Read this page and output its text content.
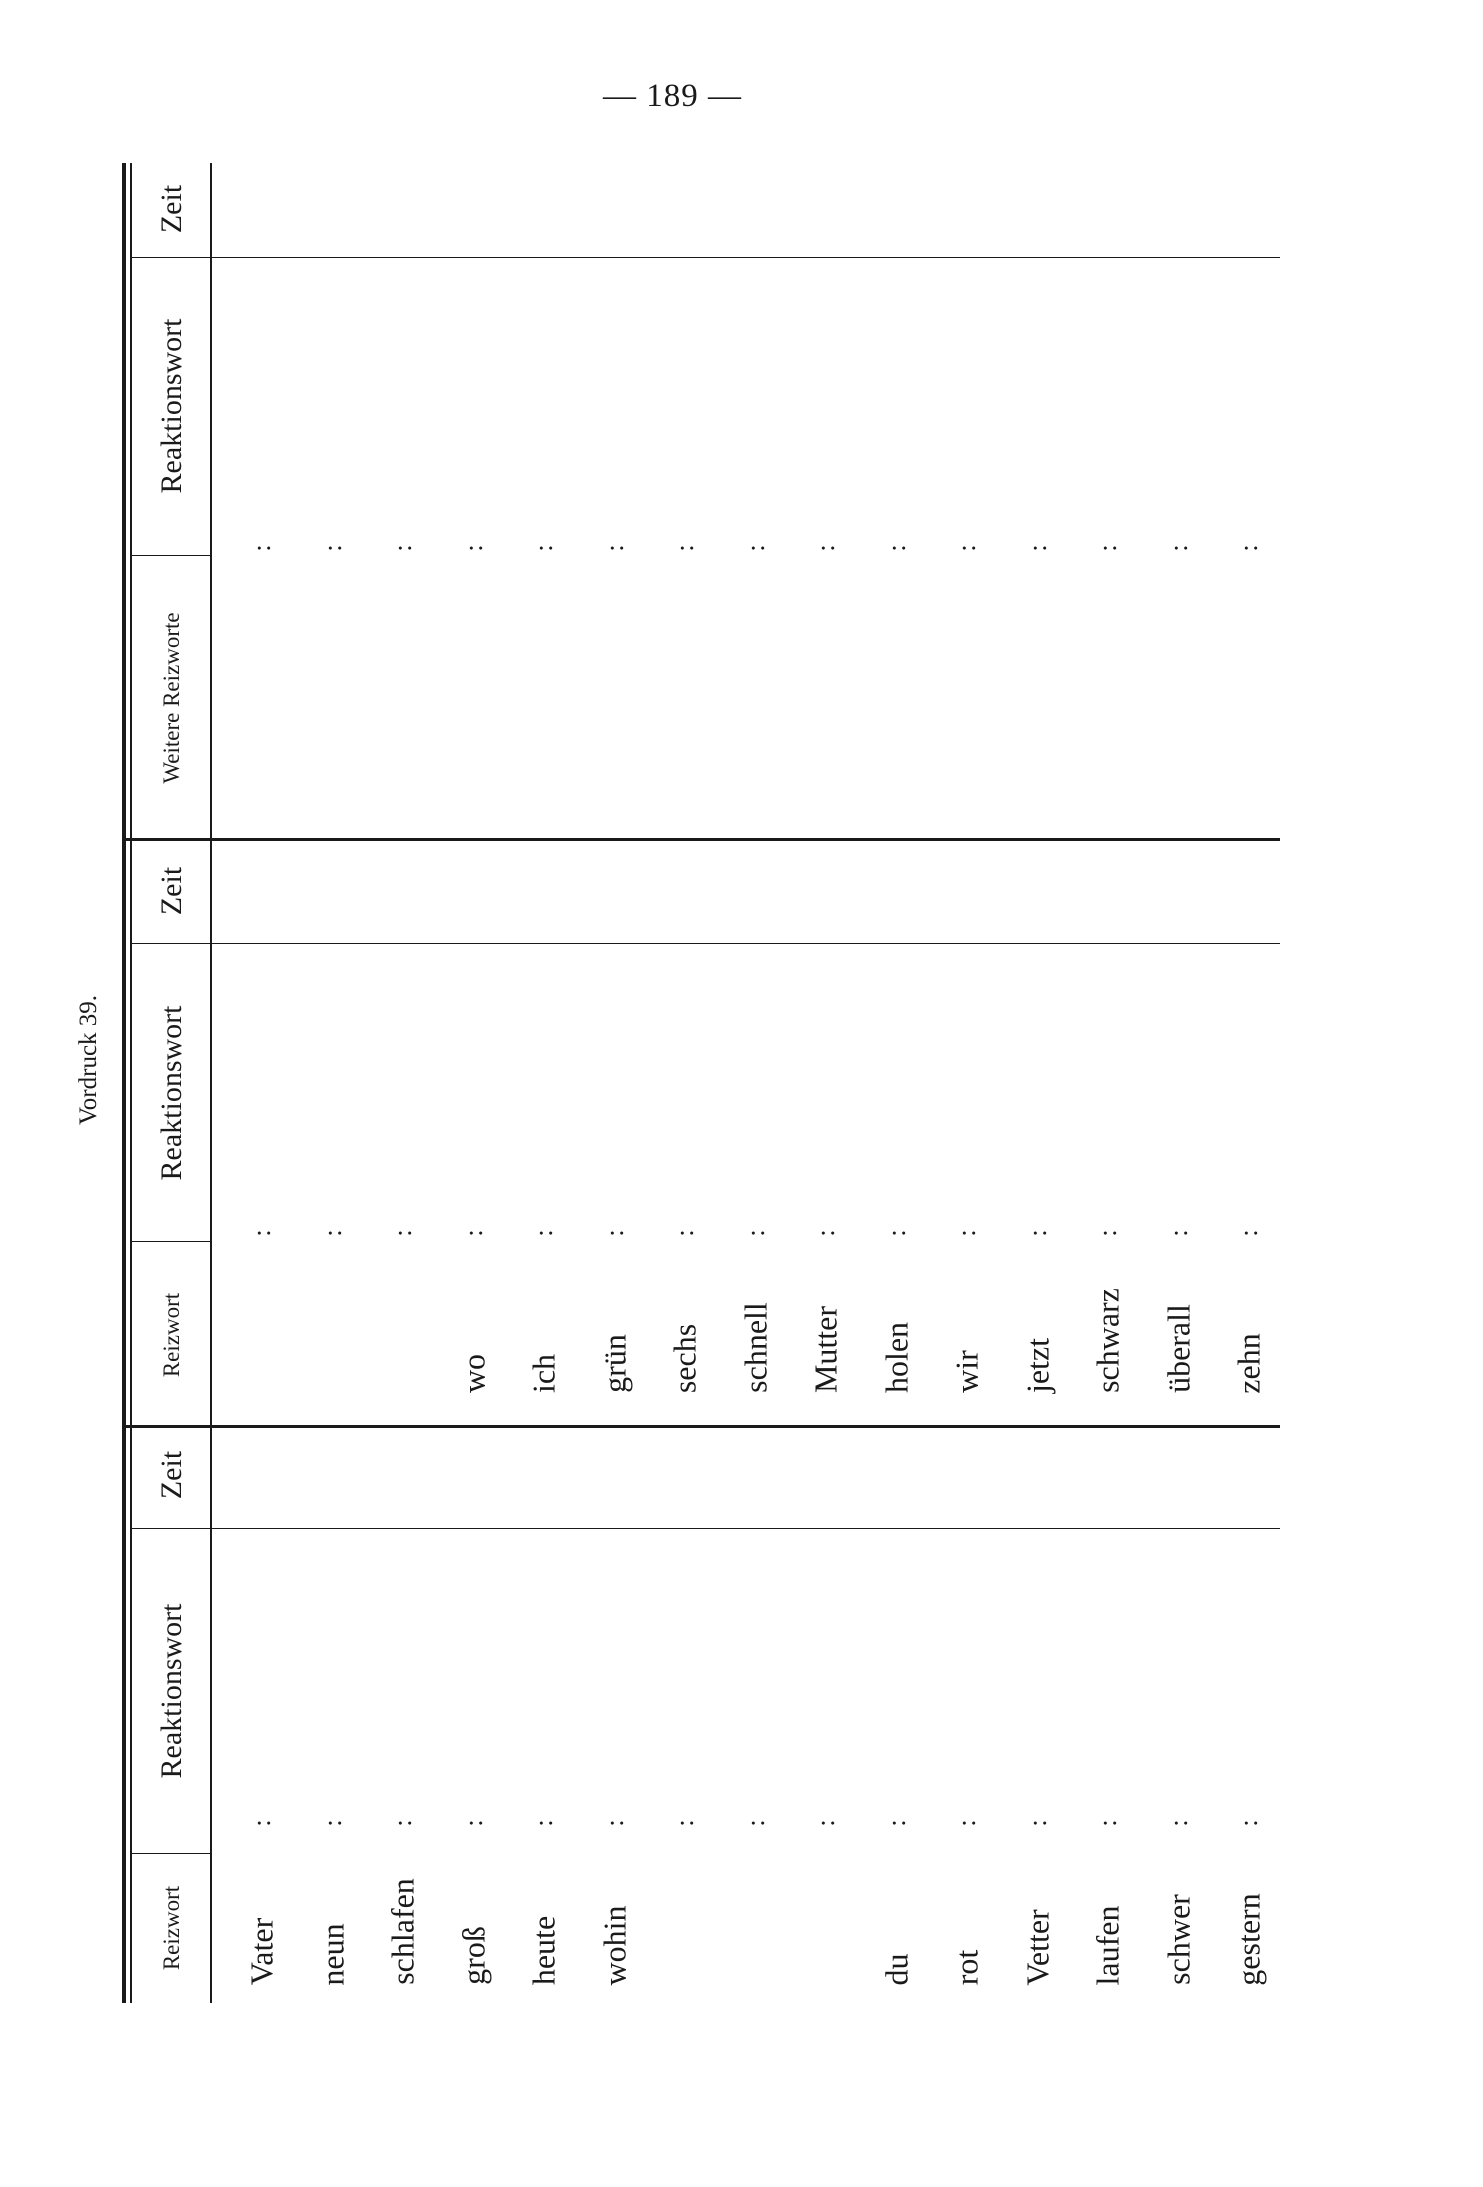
— 189 —
Vordruck 39.
Reizwort
Reaktionswort
Zeit
Reizwort
Reaktionswort
Zeit
Weitere Reizworte
Reaktionswort
Zeit
Vater
:
neun
:
schlafen
:
groß
:
heute
:
wohin
: : : :
du
:
rot
:
Vetter
:
laufen
:
schwer
:
gestern
:
: : :
wo
:
ich
:
grün
:
sechs
:
schnell
:
Mutter
:
holen
:
wir
:
jetzt
:
schwarz
:
überall
:
zehn
:
: : : : : : : : : : : : : : :
